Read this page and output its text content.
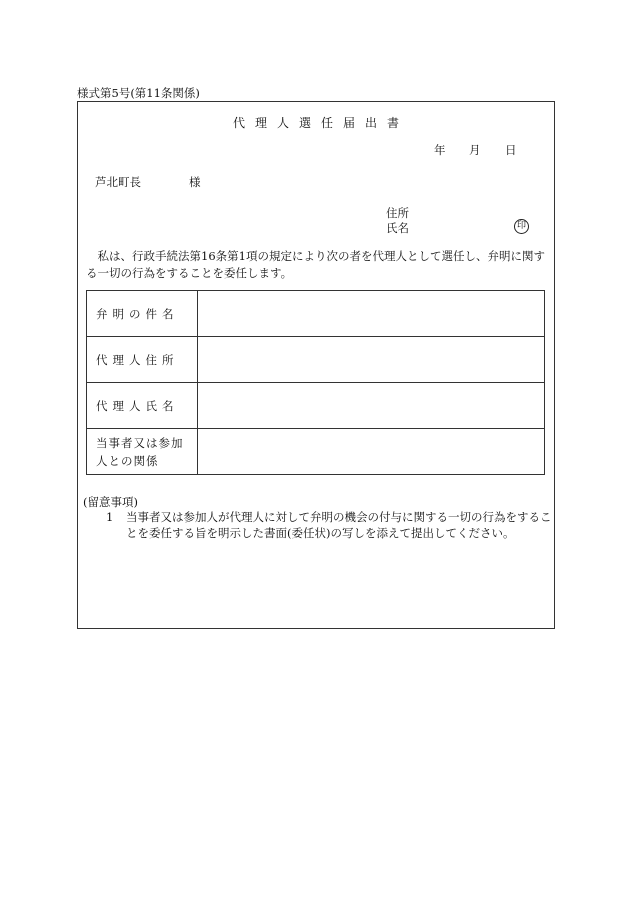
様式第5号(第11条関係)
代理人選任届出書
年 月 日
芦北町長	様
住所
氏名	印
私は、行政手続法第16条第1項の規定により次の者を代理人として選任し、弁明に関する一切の行為をすることを委任します。
弁明の件名	
代理人住所	
代理人氏名	
当事者又は参加人との関係	
(留意事項)
1 当事者又は参加人が代理人に対して弁明の機会の付与に関する一切の行為をすることを委任する旨を明示した書面(委任状)の写しを添えて提出してください。
